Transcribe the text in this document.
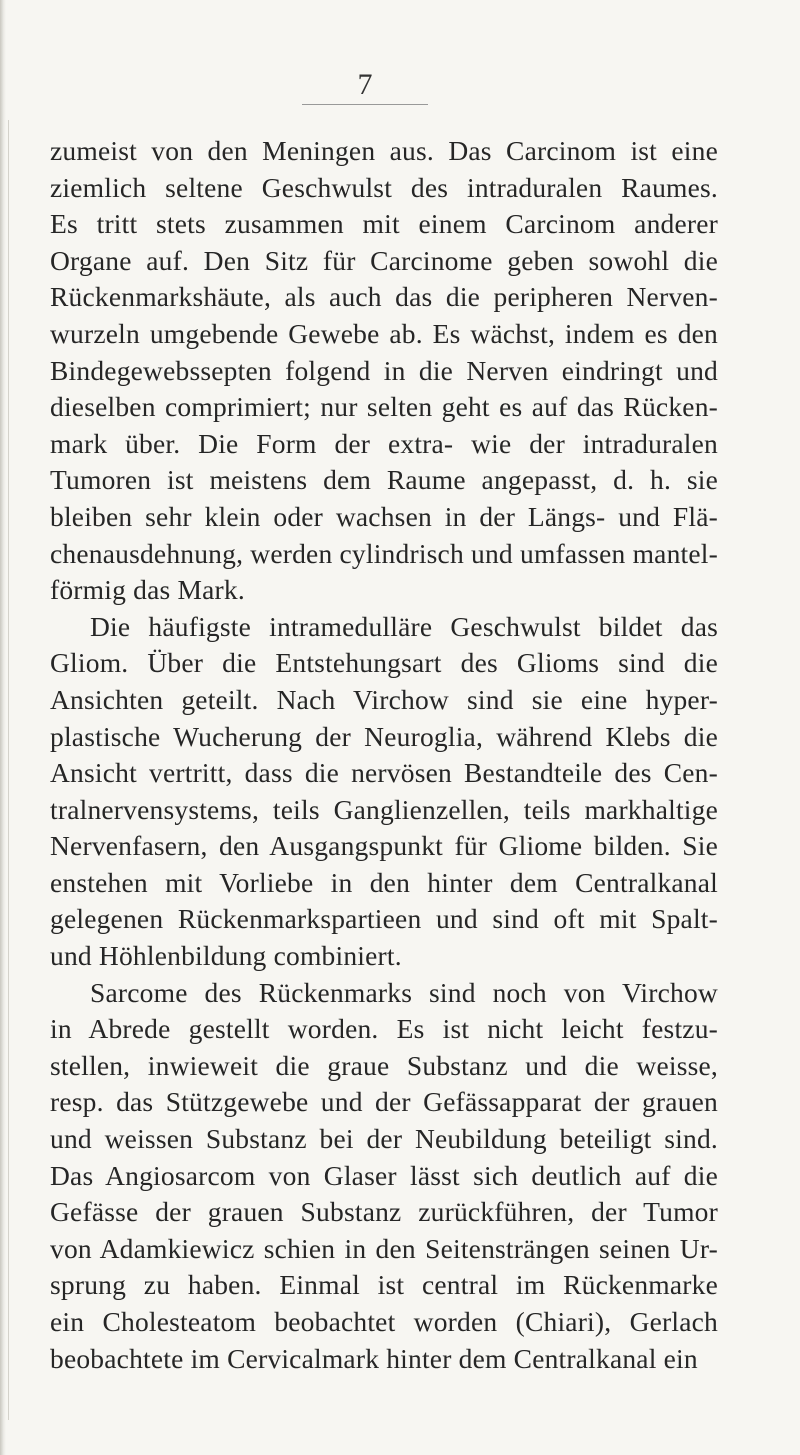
7
zumeist von den Meningen aus. Das Carcinom ist eine
ziemlich seltene Geschwulst des intraduralen Raumes.
Es tritt stets zusammen mit einem Carcinom anderer
Organe auf. Den Sitz für Carcinome geben sowohl die
Rückenmarkshäute, als auch das die peripheren Nerven-
wurzeln umgebende Gewebe ab. Es wächst, indem es den
Bindegewebssepten folgend in die Nerven eindringt und
dieselben comprimiert; nur selten geht es auf das Rücken-
mark über. Die Form der extra- wie der intraduralen
Tumoren ist meistens dem Raume angepasst, d. h. sie
bleiben sehr klein oder wachsen in der Längs- und Flä-
chenausdehnung, werden cylindrisch und umfassen mantel-
förmig das Mark.
Die häufigste intramedulläre Geschwulst bildet das
Gliom. Über die Entstehungsart des Glioms sind die
Ansichten geteilt. Nach Virchow sind sie eine hyper-
plastische Wucherung der Neuroglia, während Klebs die
Ansicht vertritt, dass die nervösen Bestandteile des Cen-
tralnervensystems, teils Ganglienzellen, teils markhaltige
Nervenfasern, den Ausgangspunkt für Gliome bilden. Sie
enstehen mit Vorliebe in den hinter dem Centralkanal
gelegenen Rückenmarkspartieen und sind oft mit Spalt-
und Höhlenbildung combiniert.
Sarcome des Rückenmarks sind noch von Virchow
in Abrede gestellt worden. Es ist nicht leicht festzu-
stellen, inwieweit die graue Substanz und die weisse,
resp. das Stützgewebe und der Gefässapparat der grauen
und weissen Substanz bei der Neubildung beteiligt sind.
Das Angiosarcom von Glaser lässt sich deutlich auf die
Gefässe der grauen Substanz zurückführen, der Tumor
von Adamkiewicz schien in den Seitensträngen seinen Ur-
sprung zu haben. Einmal ist central im Rückenmarke
ein Cholesteatom beobachtet worden (Chiari), Gerlach
beobachtete im Cervicalmark hinter dem Centralkanal ein
